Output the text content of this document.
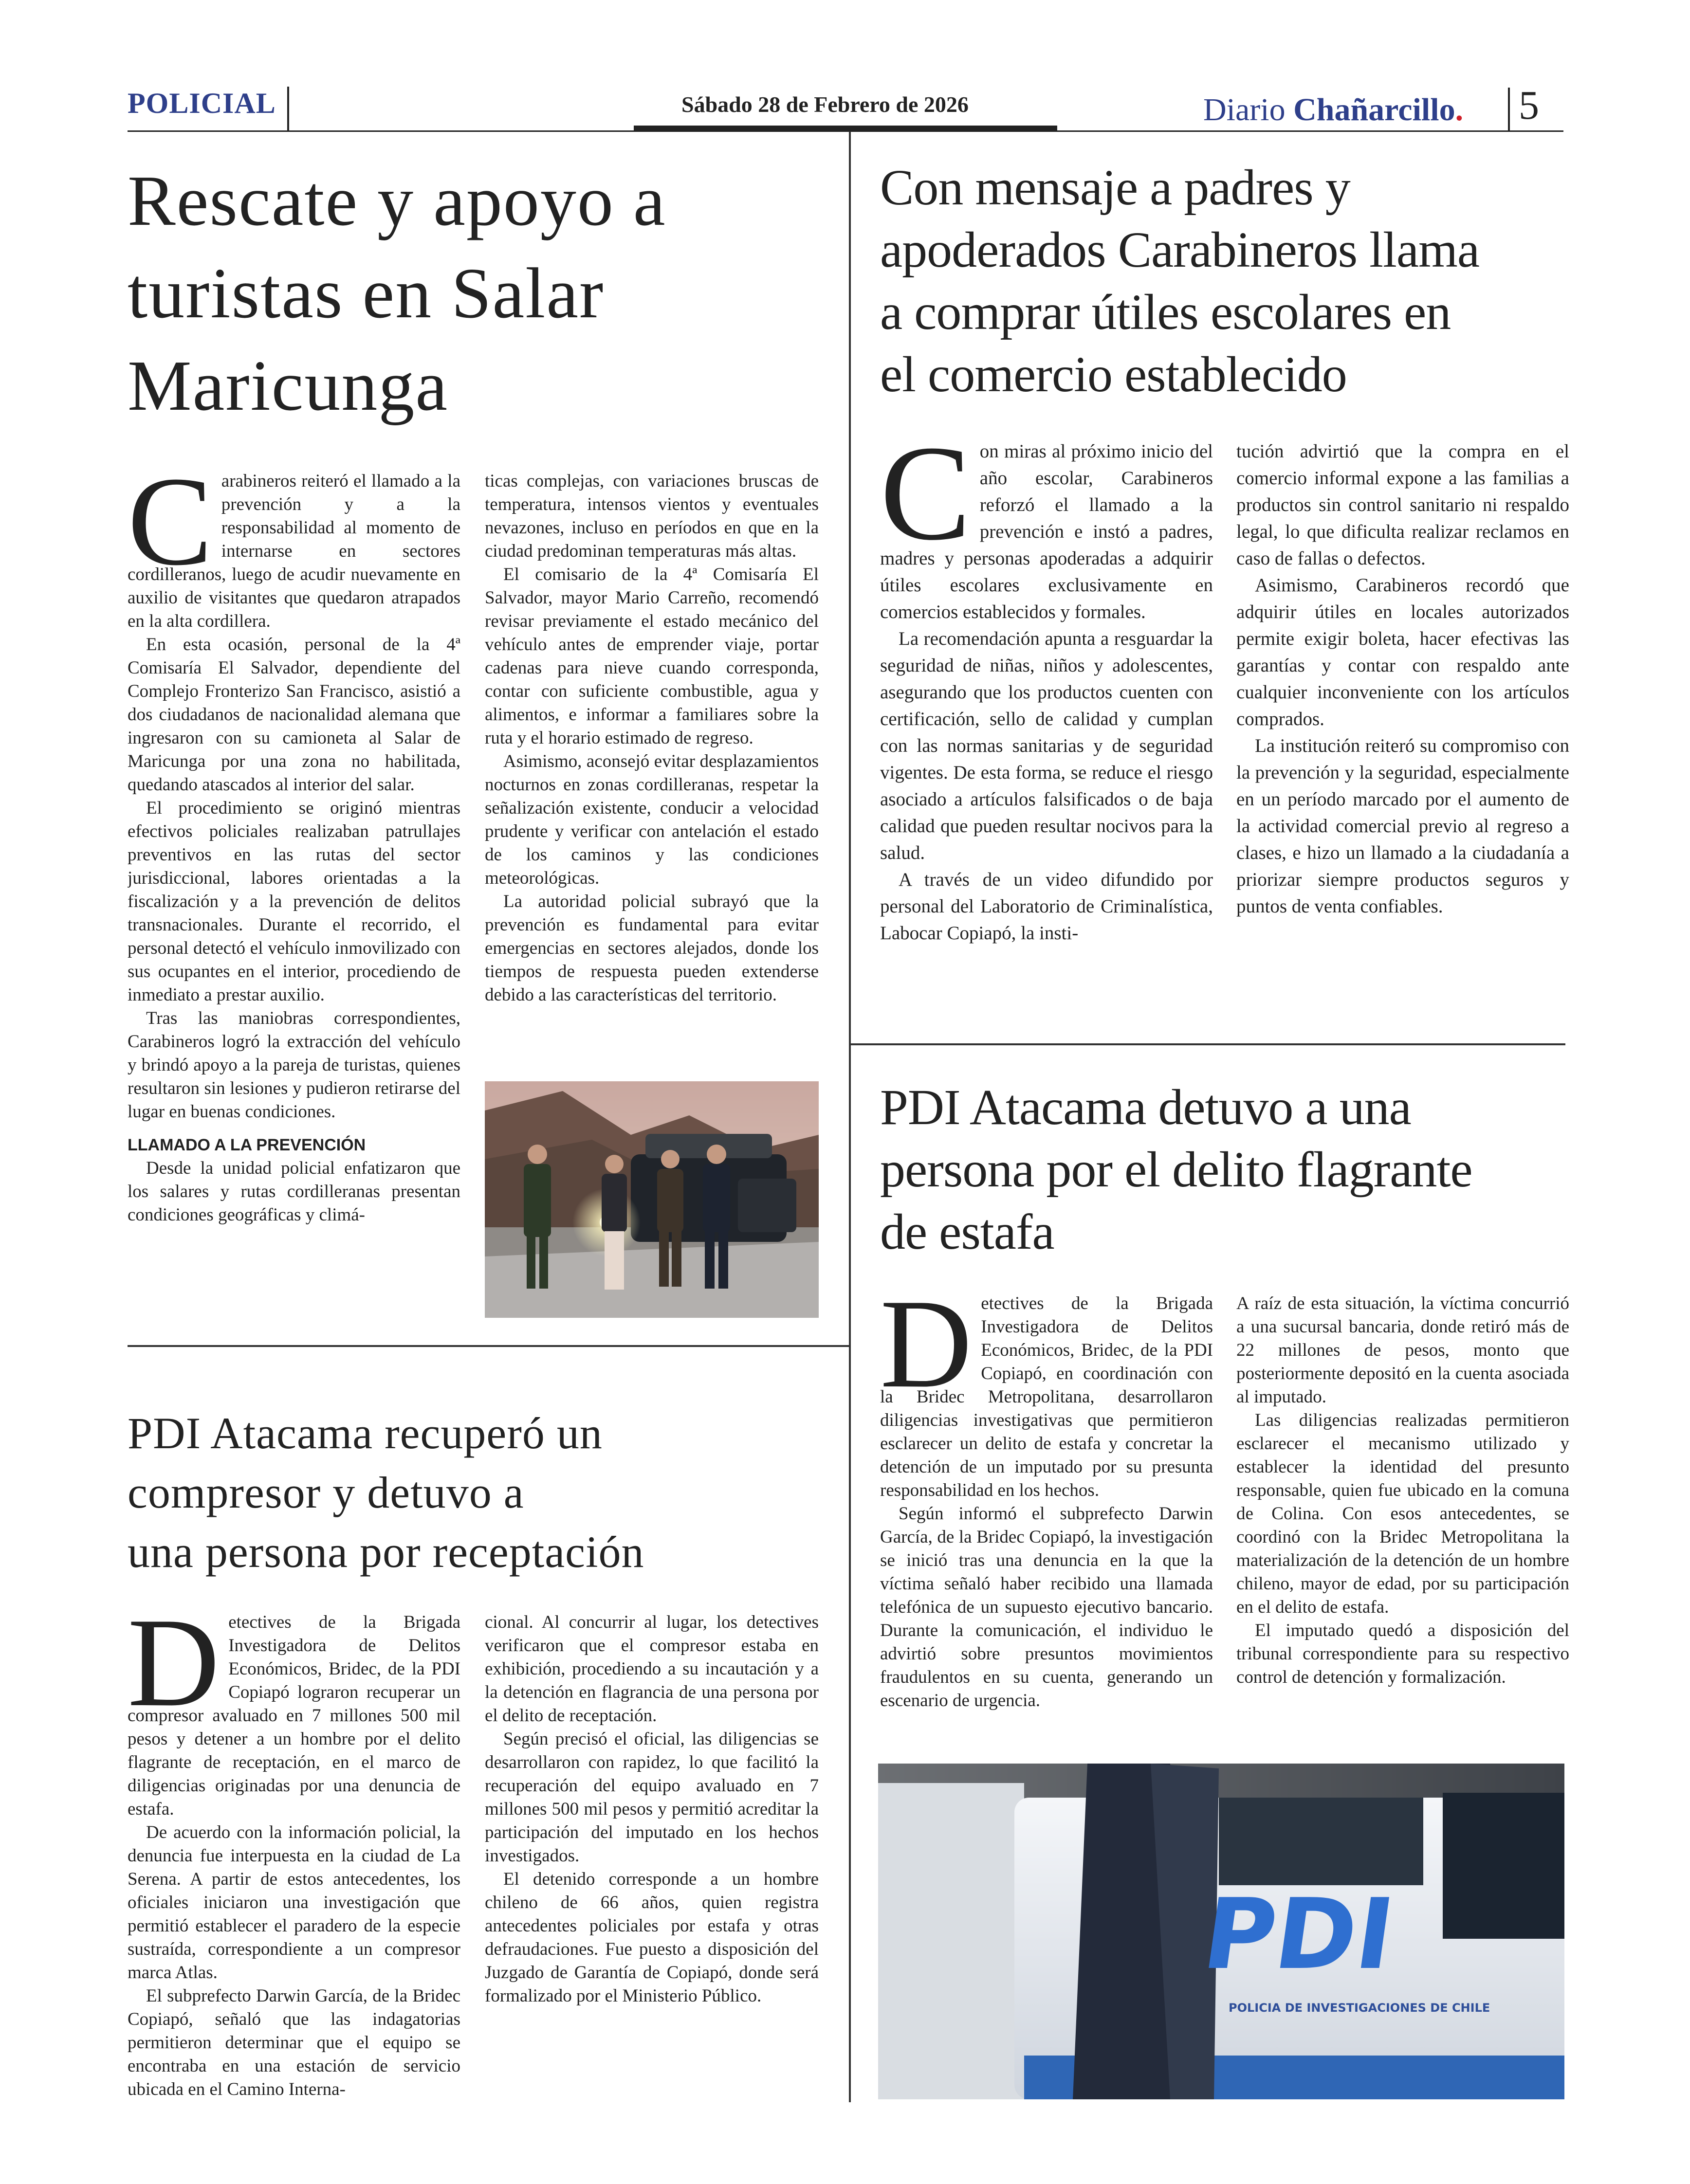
POLICIAL	Sábado 28 de Febrero de 2026	Diario Chañarcillo. 5
Rescate y apoyo a
turistas en Salar
Maricunga
C arabineros reiteró el llamado a la prevención y a la responsabilidad al momento de internarse en sectores cordilleranos, luego de acudir nuevamente en auxilio de visitantes que quedaron atrapados en la alta cordillera.

En esta ocasión, personal de la 4ª Comisaría El Salvador, dependiente del Complejo Fronterizo San Francisco, asistió a dos ciudadanos de nacionalidad alemana que ingresaron con su camioneta al Salar de Maricunga por una zona no habilitada, quedando atascados al interior del salar.

El procedimiento se originó mientras efectivos policiales realizaban patrullajes preventivos en las rutas del sector jurisdiccional, labores orientadas a la fiscalización y a la prevención de delitos transnacionales. Durante el recorrido, el personal detectó el vehículo inmovilizado con sus ocupantes en el interior, procediendo de inmediato a prestar auxilio.

Tras las maniobras correspondientes, Carabineros logró la extracción del vehículo y brindó apoyo a la pareja de turistas, quienes resultaron sin lesiones y pudieron retirarse del lugar en buenas condiciones.

LLAMADO A LA PREVENCIÓN

Desde la unidad policial enfatizaron que los salares y rutas cordilleranas presentan condiciones geográficas y climá-

ticas complejas, con variaciones bruscas de temperatura, intensos vientos y eventuales nevazones, incluso en períodos en que en la ciudad predominan temperaturas más altas.

El comisario de la 4ª Comisaría El Salvador, mayor Mario Carreño, recomendó revisar previamente el estado mecánico del vehículo antes de emprender viaje, portar cadenas para nieve cuando corresponda, contar con suficiente combustible, agua y alimentos, e informar a familiares sobre la ruta y el horario estimado de regreso.

Asimismo, aconsejó evitar desplazamientos nocturnos en zonas cordilleranas, respetar la señalización existente, conducir a velocidad prudente y verificar con antelación el estado de los caminos y las condiciones meteorológicas.

La autoridad policial subrayó que la prevención es fundamental para evitar emergencias en sectores alejados, donde los tiempos de respuesta pueden extenderse debido a las características del territorio.

Con mensaje a padres y
apoderados Carabineros llama
a comprar útiles escolares en
el comercio establecido
C on miras al próximo inicio del año escolar, Carabineros reforzó el llamado a la prevención e instó a padres, madres y personas apoderadas a adquirir útiles escolares exclusivamente en comercios establecidos y formales.

La recomendación apunta a resguardar la seguridad de niñas, niños y adolescentes, asegurando que los productos cuenten con certificación, sello de calidad y cumplan con las normas sanitarias y de seguridad vigentes. De esta forma, se reduce el riesgo asociado a artículos falsificados o de baja calidad que pueden resultar nocivos para la salud.

A través de un video difundido por personal del Laboratorio de Criminalística, Labocar Copiapó, la insti-

tución advirtió que la compra en el comercio informal expone a las familias a productos sin control sanitario ni respaldo legal, lo que dificulta realizar reclamos en caso de fallas o defectos.

Asimismo, Carabineros recordó que adquirir útiles en locales autorizados permite exigir boleta, hacer efectivas las garantías y contar con respaldo ante cualquier inconveniente con los artículos comprados.

La institución reiteró su compromiso con la prevención y la seguridad, especialmente en un período marcado por el aumento de la actividad comercial previo al regreso a clases, e hizo un llamado a la ciudadanía a priorizar siempre productos seguros y puntos de venta confiables.

PDI Atacama detuvo a una
persona por el delito flagrante
de estafa
D etectives de la Brigada Investigadora de Delitos Económicos, Bridec, de la PDI Copiapó, en coordinación con la Bridec Metropolitana, desarrollaron diligencias investigativas que permitieron esclarecer un delito de estafa y concretar la detención de un imputado por su presunta responsabilidad en los hechos.

Según informó el subprefecto Darwin García, de la Bridec Copiapó, la investigación se inició tras una denuncia en la que la víctima señaló haber recibido una llamada telefónica de un supuesto ejecutivo bancario. Durante la comunicación, el individuo le advirtió sobre presuntos movimientos fraudulentos en su cuenta, generando un escenario de urgencia.

A raíz de esta situación, la víctima concurrió a una sucursal bancaria, donde retiró más de 22 millones de pesos, monto que posteriormente depositó en la cuenta asociada al imputado.

Las diligencias realizadas permitieron esclarecer el mecanismo utilizado y establecer la identidad del presunto responsable, quien fue ubicado en la comuna de Colina. Con esos antecedentes, se coordinó con la Bridec Metropolitana la materialización de la detención de un hombre chileno, mayor de edad, por su participación en el delito de estafa.

El imputado quedó a disposición del tribunal correspondiente para su respectivo control de detención y formalización.

PDI
POLICIA DE INVESTIGACIONES DE CHILE
PDI Atacama recuperó un
compresor y detuvo a
una persona por receptación
D etectives de la Brigada Investigadora de Delitos Económicos, Bridec, de la PDI Copiapó lograron recuperar un compresor avaluado en 7 millones 500 mil pesos y detener a un hombre por el delito flagrante de receptación, en el marco de diligencias originadas por una denuncia de estafa.

De acuerdo con la información policial, la denuncia fue interpuesta en la ciudad de La Serena. A partir de estos antecedentes, los oficiales iniciaron una investigación que permitió establecer el paradero de la especie sustraída, correspondiente a un compresor marca Atlas.

El subprefecto Darwin García, de la Bridec Copiapó, señaló que las indagatorias permitieron determinar que el equipo se encontraba en una estación de servicio ubicada en el Camino Interna-

cional. Al concurrir al lugar, los detectives verificaron que el compresor estaba en exhibición, procediendo a su incautación y a la detención en flagrancia de una persona por el delito de receptación.

Según precisó el oficial, las diligencias se desarrollaron con rapidez, lo que facilitó la recuperación del equipo avaluado en 7 millones 500 mil pesos y permitió acreditar la participación del imputado en los hechos investigados.

El detenido corresponde a un hombre chileno de 66 años, quien registra antecedentes policiales por estafa y otras defraudaciones. Fue puesto a disposición del Juzgado de Garantía de Copiapó, donde será formalizado por el Ministerio Público.
